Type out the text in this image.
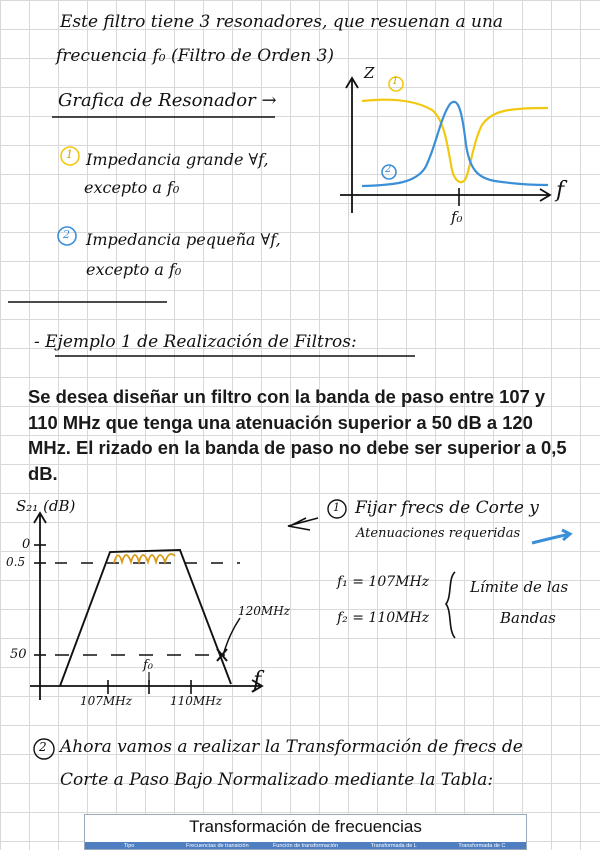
Este filtro tiene 3 resonadores, que resuenan a una
frecuencia f₀ (Filtro de Orden 3)
Grafica de Resonador →
1 Impedancia grande ∀f,
excepto a f₀
2 Impedancia pequeña ∀f,
excepto a f₀
Z 1
2
f
f₀
- Ejemplo 1 de Realización de Filtros:
Se desea diseñar un filtro con la banda de paso entre 107 y 110 MHz que tenga una atenuación superior a 50 dB a 120 MHz. El rizado en la banda de paso no debe ser superior a 0,5 dB.
S₂₁ (dB)
0
0.5
50
120MHz
f₀
107MHz	110MHz
f
1 Fijar frecs de Corte y
Atenuaciones requeridas
f₁ = 107MHz
f₂ = 110MHz
Límite de las
Bandas
2 Ahora vamos a realizar la Transformación de frecs de
Corte a Paso Bajo Normalizado mediante la Tabla:
Transformación de frecuencias
Tipo	Frecuencias de transición	Función de transformación	Transformada de L	Transformada de C
